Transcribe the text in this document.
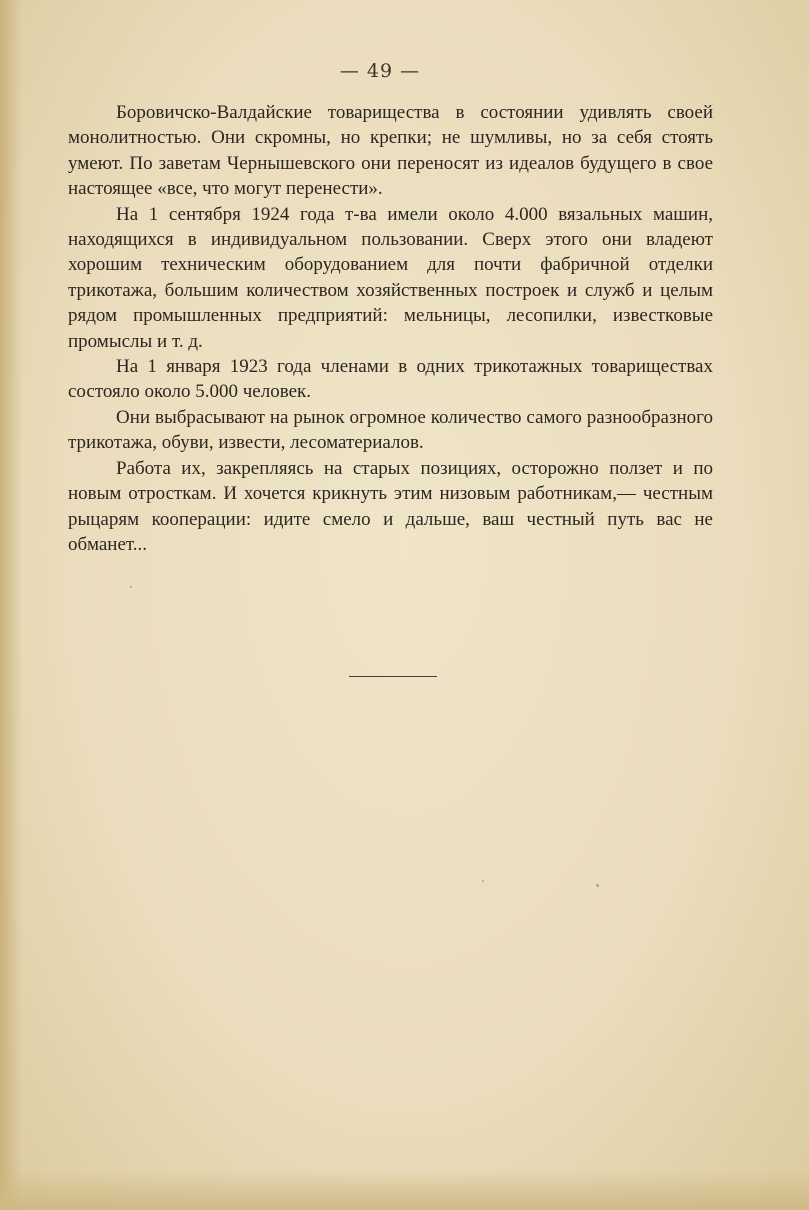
— 49 —

Боровичско-Валдайские товарищества в состоянии удивлять своей монолитностью. Они скромны, но крепки; не шумливы, но за себя стоять умеют. По заветам Чернышевского они переносят из идеалов будущего в свое настоящее «все, что могут перенести».

На 1 сентября 1924 года т-ва имели около 4.000 вязальных машин, находящихся в индивидуальном пользовании. Сверх этого они владеют хорошим техническим оборудованием для почти фабричной отделки трикотажа, большим количеством хозяйственных построек и служб и целым рядом промышленных предприятий: мельницы, лесопилки, известковые промыслы и т. д.

На 1 января 1923 года членами в одних трикотажных товариществах состояло около 5.000 человек.

Они выбрасывают на рынок огромное количество самого разнообразного трикотажа, обуви, извести, лесоматериалов.

Работа их, закрепляясь на старых позициях, осторожно ползет и по новым отросткам. И хочется крикнуть этим низовым работникам,— честным рыцарям кооперации: идите смело и дальше, ваш честный путь вас не обманет...
